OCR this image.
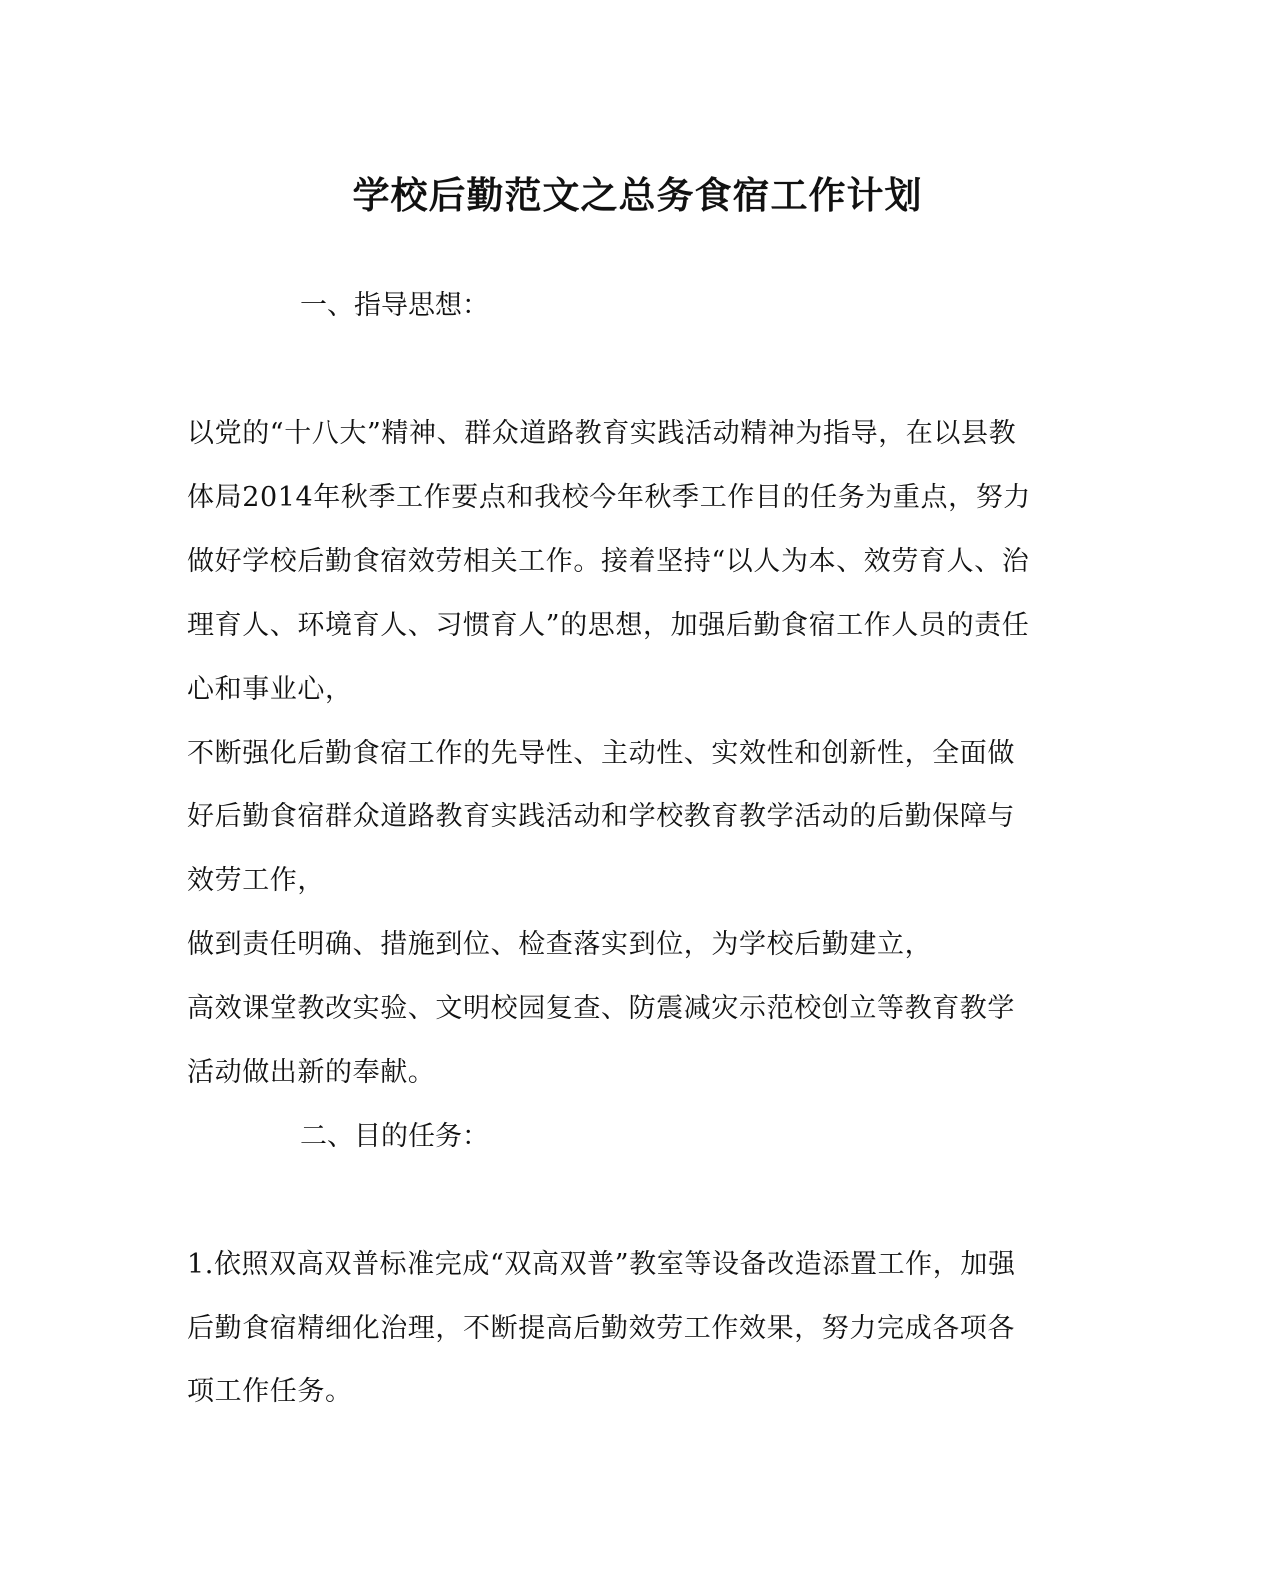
学校后勤范文之总务食宿工作计划
一、指导思想：
以党的“十八大”精神、群众道路教育实践活动精神为指导，在以县教
体局2014年秋季工作要点和我校今年秋季工作目的任务为重点，努力
做好学校后勤食宿效劳相关工作。接着坚持“以人为本、效劳育人、治
理育人、环境育人、习惯育人”的思想，加强后勤食宿工作人员的责任
心和事业心，
不断强化后勤食宿工作的先导性、主动性、实效性和创新性，全面做
好后勤食宿群众道路教育实践活动和学校教育教学活动的后勤保障与
效劳工作，
做到责任明确、措施到位、检查落实到位，为学校后勤建立，
高效课堂教改实验、文明校园复查、防震减灾示范校创立等教育教学
活动做出新的奉献。
二、目的任务：
1.依照双高双普标准完成“双高双普”教室等设备改造添置工作，加强
后勤食宿精细化治理，不断提高后勤效劳工作效果，努力完成各项各
项工作任务。
